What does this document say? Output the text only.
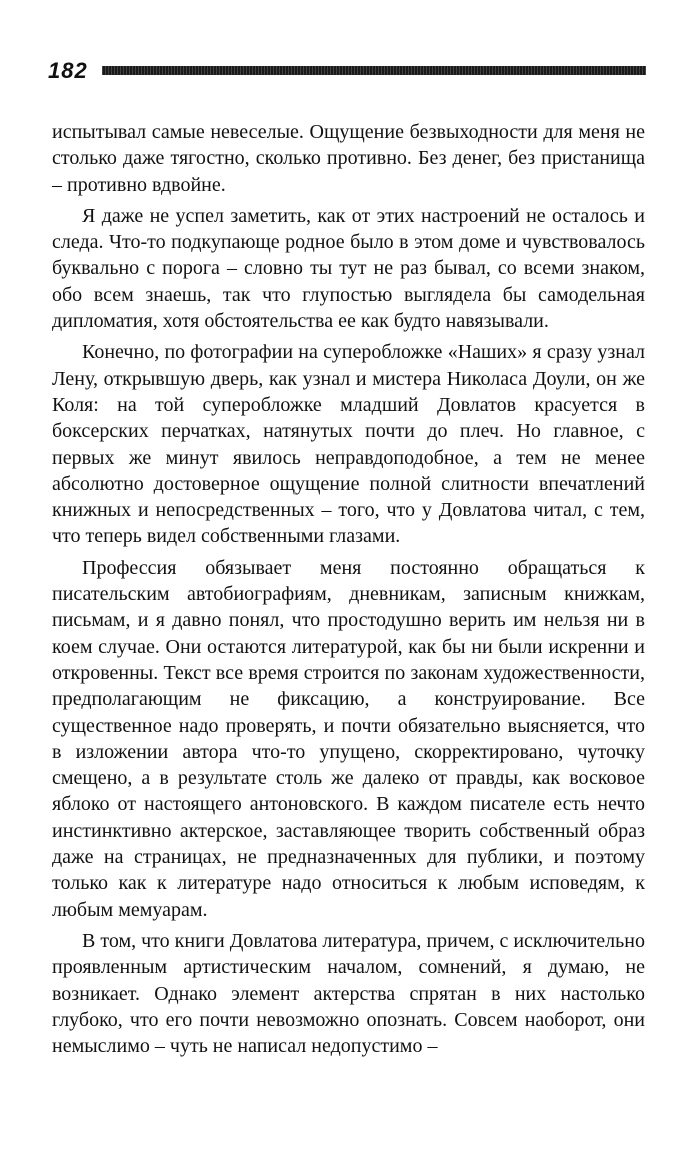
182

испытывал самые невеселые. Ощущение безвыходности для меня не столько даже тягостно, сколько противно. Без денег, без пристанища – противно вдвойне.

Я даже не успел заметить, как от этих настроений не осталось и следа. Что-то подкупающе родное было в этом доме и чувствовалось буквально с порога – словно ты тут не раз бывал, со всеми знаком, обо всем знаешь, так что глупостью выглядела бы самодельная дипломатия, хотя обстоятельства ее как будто навязывали.

Конечно, по фотографии на суперобложке «Наших» я сразу узнал Лену, открывшую дверь, как узнал и мистера Николаса Доули, он же Коля: на той суперобложке младший Довлатов красуется в боксерских перчатках, натянутых почти до плеч. Но главное, с первых же минут явилось неправдоподобное, а тем не менее абсолютно достоверное ощущение полной слитности впечатлений книжных и непосредственных – того, что у Довлатова читал, с тем, что теперь видел собственными глазами.

Профессия обязывает меня постоянно обращаться к писательским автобиографиям, дневникам, записным книжкам, письмам, и я давно понял, что простодушно верить им нельзя ни в коем случае. Они остаются литературой, как бы ни были искренни и откровенны. Текст все время строится по законам художественности, предполагающим не фиксацию, а конструирование. Все существенное надо проверять, и почти обязательно выясняется, что в изложении автора что-то упущено, скорректировано, чуточку смещено, а в результате столь же далеко от правды, как восковое яблоко от настоящего антоновского. В каждом писателе есть нечто инстинктивно актерское, заставляющее творить собственный образ даже на страницах, не предназначенных для публики, и поэтому только как к литературе надо относиться к любым исповедям, к любым мемуарам.

В том, что книги Довлатова литература, причем, с исключительно проявленным артистическим началом, сомнений, я думаю, не возникает. Однако элемент актерства спрятан в них настолько глубоко, что его почти невозможно опознать. Совсем наоборот, они немыслимо – чуть не написал недопустимо –
